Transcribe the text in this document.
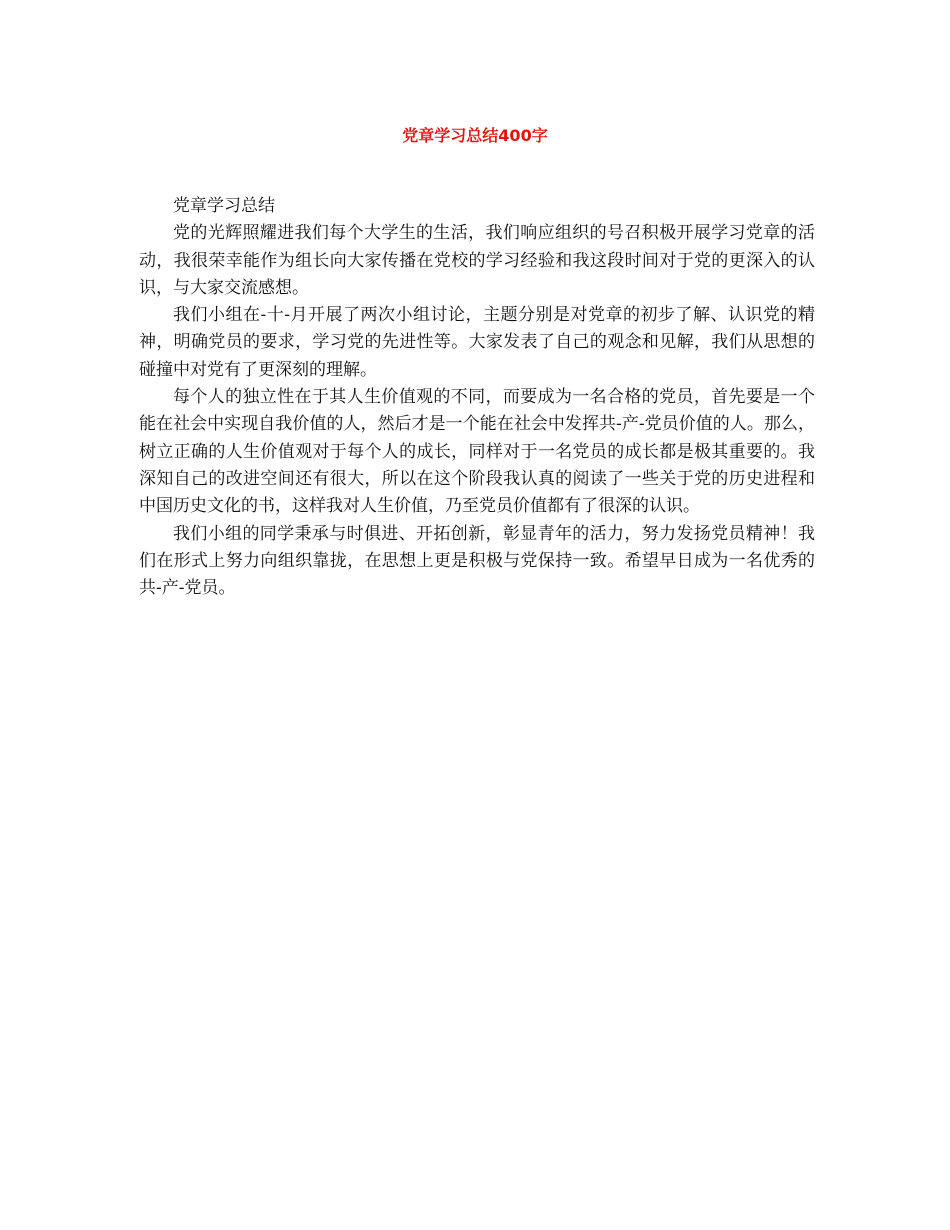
党章学习总结400字

党章学习总结

党的光辉照耀进我们每个大学生的生活，我们响应组织的号召积极开展学习党章的活动，我很荣幸能作为组长向大家传播在党校的学习经验和我这段时间对于党的更深入的认识，与大家交流感想。

我们小组在-十-月开展了两次小组讨论，主题分别是对党章的初步了解、认识党的精神，明确党员的要求，学习党的先进性等。大家发表了自己的观念和见解，我们从思想的碰撞中对党有了更深刻的理解。

每个人的独立性在于其人生价值观的不同，而要成为一名合格的党员，首先要是一个能在社会中实现自我价值的人，然后才是一个能在社会中发挥共-产-党员价值的人。那么，树立正确的人生价值观对于每个人的成长，同样对于一名党员的成长都是极其重要的。我深知自己的改进空间还有很大，所以在这个阶段我认真的阅读了一些关于党的历史进程和中国历史文化的书，这样我对人生价值，乃至党员价值都有了很深的认识。

我们小组的同学秉承与时俱进、开拓创新，彰显青年的活力，努力发扬党员精神！我们在形式上努力向组织靠拢，在思想上更是积极与党保持一致。希望早日成为一名优秀的共-产-党员。
